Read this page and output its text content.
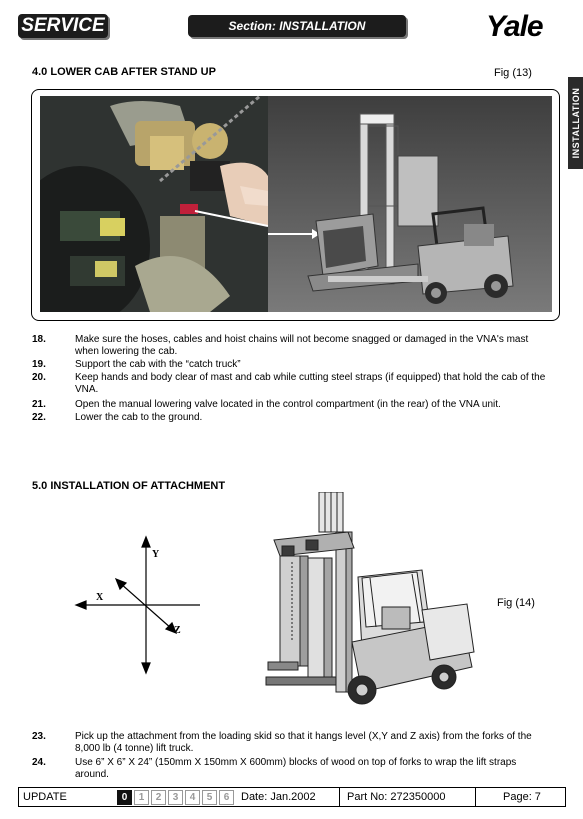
SERVICE	Section: INSTALLATION	Yale
INSTALLATION
4.0 LOWER CAB AFTER STAND UP	Fig (13)
18.	Make sure the hoses, cables and hoist chains will not become snagged or damaged in the VNA's mast when lowering the cab.
19.	Support the cab with the “catch truck”
20.	Keep hands and body clear of mast and cab while cutting steel straps (if equipped) that hold the cab of the VNA.
21.	Open the manual lowering valve located in the control compartment (in the rear) of the VNA unit.
22.	Lower the cab to the ground.
5.0 INSTALLATION OF ATTACHMENT
Y
X
Z
Fig (14)
23.	Pick up the attachment from the loading skid so that it hangs level (X,Y and Z axis) from the forks of the 8,000 lb (4 tonne) lift truck.
24.	Use 6” X 6” X 24” (150mm X 150mm X 600mm) blocks of wood on top of forks to wrap the lift straps around.
UPDATE	0	1	2	3	4	5	6	Date: Jan.2002	Part No: 272350000	Page: 7
